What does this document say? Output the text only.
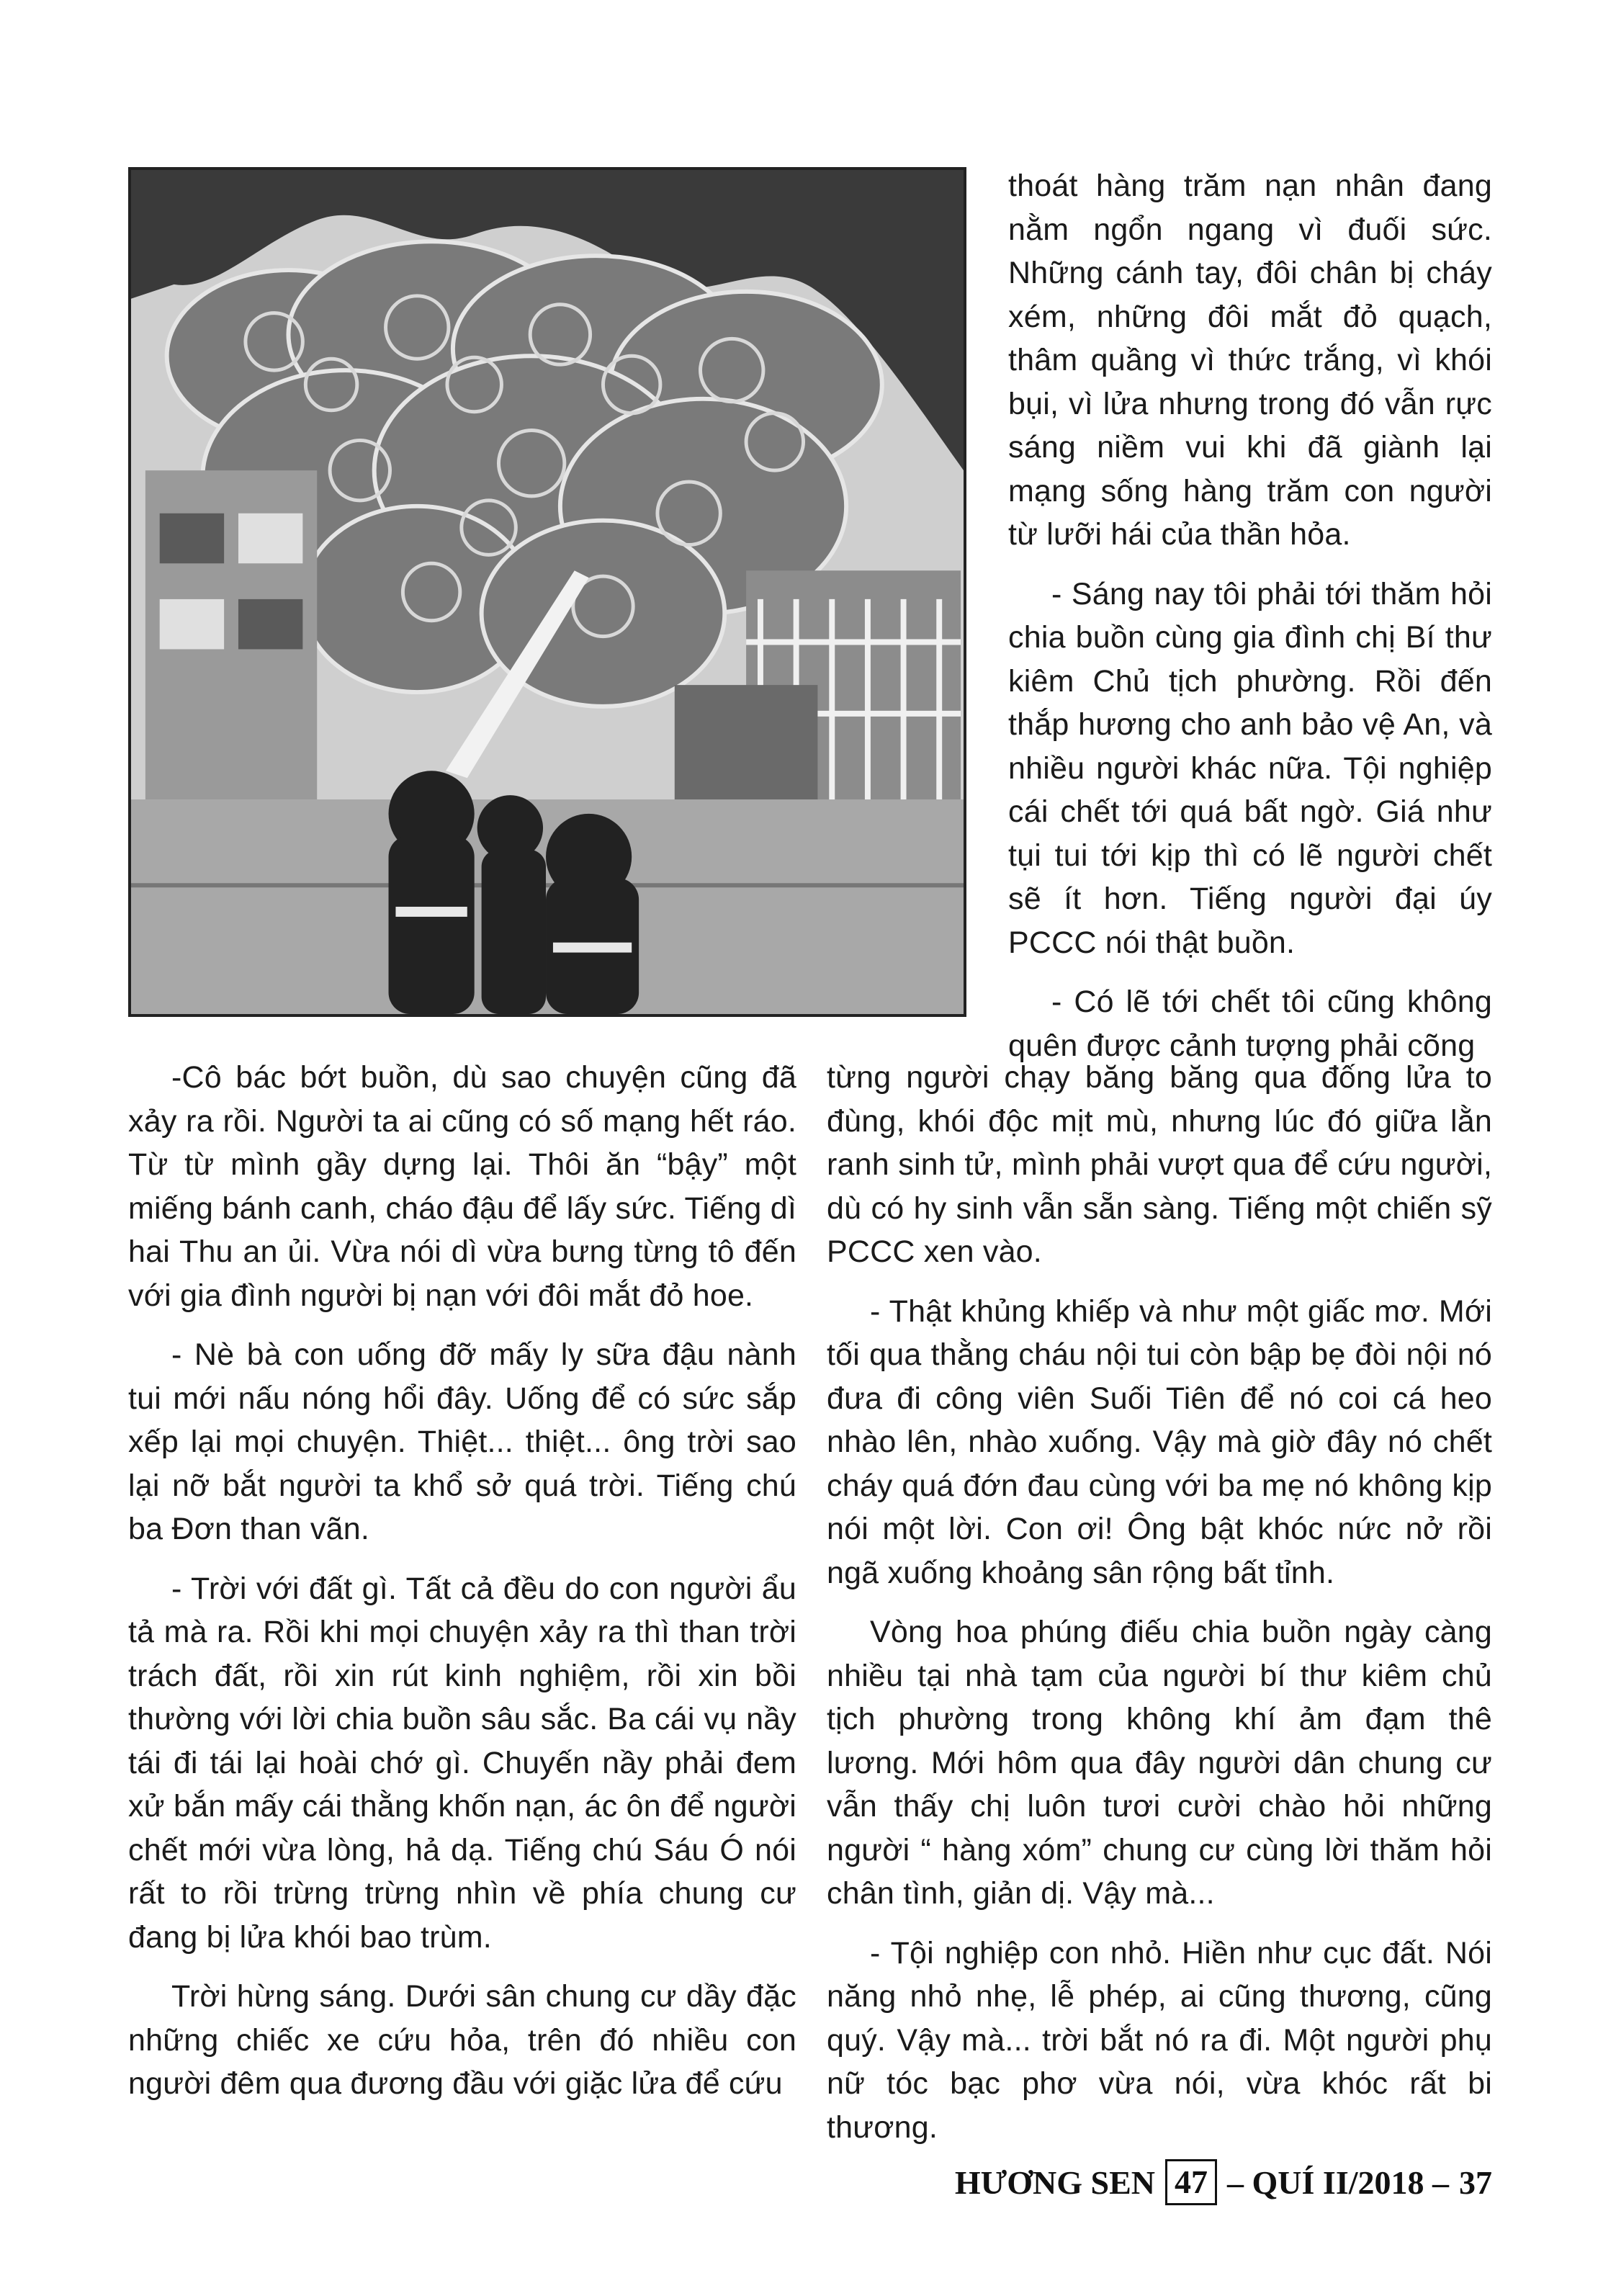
thoát hàng trăm nạn nhân đang nằm ngổn ngang vì đuối sức. Những cánh tay, đôi chân bị cháy xém, những đôi mắt đỏ quạch, thâm quầng vì thức trắng, vì khói bụi, vì lửa nhưng trong đó vẫn rực sáng niềm vui khi đã giành lại mạng sống hàng trăm con người từ lưỡi hái của thần hỏa.

- Sáng nay tôi phải tới thăm hỏi chia buồn cùng gia đình chị Bí thư kiêm Chủ tịch phường. Rồi đến thắp hương cho anh bảo vệ An, và nhiều người khác nữa. Tội nghiệp cái chết tới quá bất ngờ. Giá như tụi tui tới kịp thì có lẽ người chết sẽ ít hơn. Tiếng người đại úy PCCC nói thật buồn.

- Có lẽ tới chết tôi cũng không quên được cảnh tượng phải cõng

-Cô bác bớt buồn, dù sao chuyện cũng đã xảy ra rồi. Người ta ai cũng có số mạng hết ráo. Từ từ mình gầy dựng lại. Thôi ăn “bậy” một miếng bánh canh, cháo đậu để lấy sức. Tiếng dì hai Thu an ủi. Vừa nói dì vừa bưng từng tô đến với gia đình người bị nạn với đôi mắt đỏ hoe.

- Nè bà con uống đỡ mấy ly sữa đậu nành tui mới nấu nóng hổi đây. Uống để có sức sắp xếp lại mọi chuyện. Thiệt... thiệt... ông trời sao lại nỡ bắt người ta khổ sở quá trời. Tiếng chú ba Đơn than vãn.

- Trời với đất gì. Tất cả đều do con người ẩu tả mà ra. Rồi khi mọi chuyện xảy ra thì than trời trách đất, rồi xin rút kinh nghiệm, rồi xin bồi thường với lời chia buồn sâu sắc. Ba cái vụ nầy tái đi tái lại hoài chớ gì. Chuyến nầy phải đem xử bắn mấy cái thằng khốn nạn, ác ôn để người chết mới vừa lòng, hả dạ. Tiếng chú Sáu Ó nói rất to rồi trừng trừng nhìn về phía chung cư đang bị lửa khói bao trùm.

Trời hừng sáng. Dưới sân chung cư dầy đặc những chiếc xe cứu hỏa, trên đó nhiều con người đêm qua đương đầu với giặc lửa để cứu

từng người chạy băng băng qua đống lửa to đùng, khói độc mịt mù, nhưng lúc đó giữa lằn ranh sinh tử, mình phải vượt qua để cứu người, dù có hy sinh vẫn sẵn sàng. Tiếng một chiến sỹ PCCC xen vào.

- Thật khủng khiếp và như một giấc mơ. Mới tối qua thằng cháu nội tui còn bập bẹ đòi nội nó đưa đi công viên Suối Tiên để nó coi cá heo nhào lên, nhào xuống. Vậy mà giờ đây nó chết cháy quá đớn đau cùng với ba mẹ nó không kịp nói một lời. Con ơi! Ông bật khóc nức nở rồi ngã xuống khoảng sân rộng bất tỉnh.

Vòng hoa phúng điếu chia buồn ngày càng nhiều tại nhà tạm của người bí thư kiêm chủ tịch phường trong không khí ảm đạm thê lương. Mới hôm qua đây người dân chung cư vẫn thấy chị luôn tươi cười chào hỏi những người “ hàng xóm” chung cư cùng lời thăm hỏi chân tình, giản dị. Vậy mà...

- Tội nghiệp con nhỏ. Hiền như cục đất. Nói năng nhỏ nhẹ, lễ phép, ai cũng thương, cũng quý. Vậy mà... trời bắt nó ra đi. Một người phụ nữ tóc bạc phơ vừa nói, vừa khóc rất bi thương.

HƯƠNG SEN 47 – QUÍ II/2018 – 37
